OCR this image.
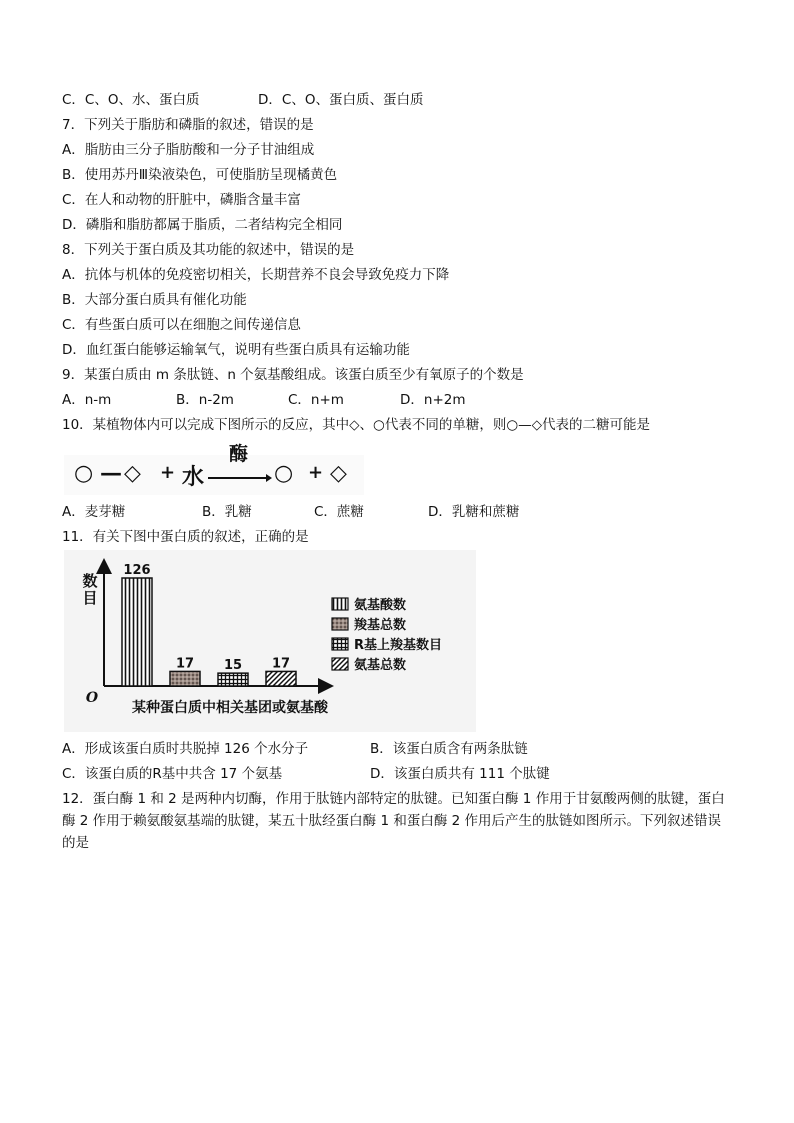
C．C、O、水、蛋白质	D．C、O、蛋白质、蛋白质
7．下列关于脂肪和磷脂的叙述，错误的是
A．脂肪由三分子脂肪酸和一分子甘油组成
B．使用苏丹Ⅲ染液染色，可使脂肪呈现橘黄色
C．在人和动物的肝脏中，磷脂含量丰富
D．磷脂和脂肪都属于脂质，二者结构完全相同
8．下列关于蛋白质及其功能的叙述中，错误的是
A．抗体与机体的免疫密切相关，长期营养不良会导致免疫力下降
B．大部分蛋白质具有催化功能
C．有些蛋白质可以在细胞之间传递信息
D．血红蛋白能够运输氧气，说明有些蛋白质具有运输功能
9．某蛋白质由 m 条肽链、n 个氨基酸组成。该蛋白质至少有氧原子的个数是
A．n-m	B．n-2m	C．n+m	D．n+2m
10．某植物体内可以完成下图所示的反应，其中◇、○代表不同的单糖，则○—◇代表的二糖可能是
○ — ◇ + 水
酶
○ + ◇
A．麦芽糖	B．乳糖	C．蔗糖	D．乳糖和蔗糖
11．有关下图中蛋白质的叙述，正确的是
数
目
O
某种蛋白质中相关基团或氨基酸
126
17 15 17
氨基酸数
羧基总数
R基上羧基数目
氨基总数
A．形成该蛋白质时共脱掉 126 个水分子	B．该蛋白质含有两条肽链
C．该蛋白质的R基中共含 17 个氨基	D．该蛋白质共有 111 个肽键
12．蛋白酶 1 和 2 是两种内切酶，作用于肽链内部特定的肽键。已知蛋白酶 1 作用于甘氨酸两侧的肽键，蛋白酶 2 作用于赖氨酸氨基端的肽键，某五十肽经蛋白酶 1 和蛋白酶 2 作用后产生的肽链如图所示。下列叙述错误的是
